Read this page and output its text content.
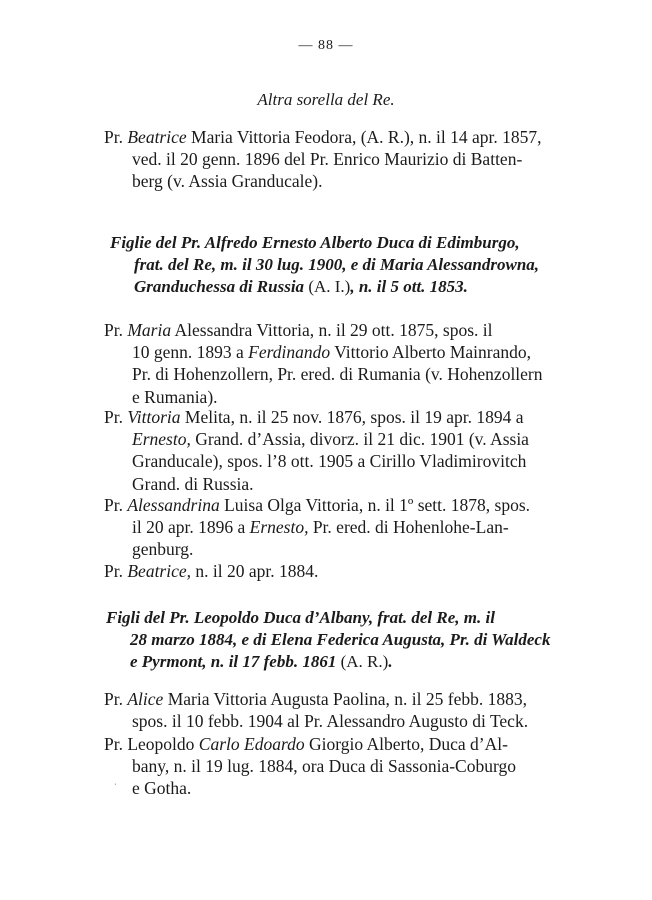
— 88 —
Altra sorella del Re.
Pr. Beatrice Maria Vittoria Feodora, (A. R.), n. il 14 apr. 1857,
ved. il 20 genn. 1896 del Pr. Enrico Maurizio di Batten-
berg (v. Assia Granducale).
Figlie del Pr. Alfredo Ernesto Alberto Duca di Edimburgo,
frat. del Re, m. il 30 lug. 1900, e di Maria Alessandrowna,
Granduchessa di Russia (A. I.), n. il 5 ott. 1853.
Pr. Maria Alessandra Vittoria, n. il 29 ott. 1875, spos. il
10 genn. 1893 a Ferdinando Vittorio Alberto Mainrando,
Pr. di Hohenzollern, Pr. ered. di Rumania (v. Hohenzollern
e Rumania).
Pr. Vittoria Melita, n. il 25 nov. 1876, spos. il 19 apr. 1894 a
Ernesto, Grand. d’Assia, divorz. il 21 dic. 1901 (v. Assia
Granducale), spos. l’8 ott. 1905 a Cirillo Vladimirovitch
Grand. di Russia.
Pr. Alessandrina Luisa Olga Vittoria, n. il 1º sett. 1878, spos.
il 20 apr. 1896 a Ernesto, Pr. ered. di Hohenlohe-Lan-
genburg.
Pr. Beatrice, n. il 20 apr. 1884.
Figli del Pr. Leopoldo Duca d’Albany, frat. del Re, m. il
28 marzo 1884, e di Elena Federica Augusta, Pr. di Waldeck
e Pyrmont, n. il 17 febb. 1861 (A. R.).
Pr. Alice Maria Vittoria Augusta Paolina, n. il 25 febb. 1883,
spos. il 10 febb. 1904 al Pr. Alessandro Augusto di Teck.
Pr. Leopoldo Carlo Edoardo Giorgio Alberto, Duca d’Al-
bany, n. il 19 lug. 1884, ora Duca di Sassonia-Coburgo
e Gotha.
⋅
